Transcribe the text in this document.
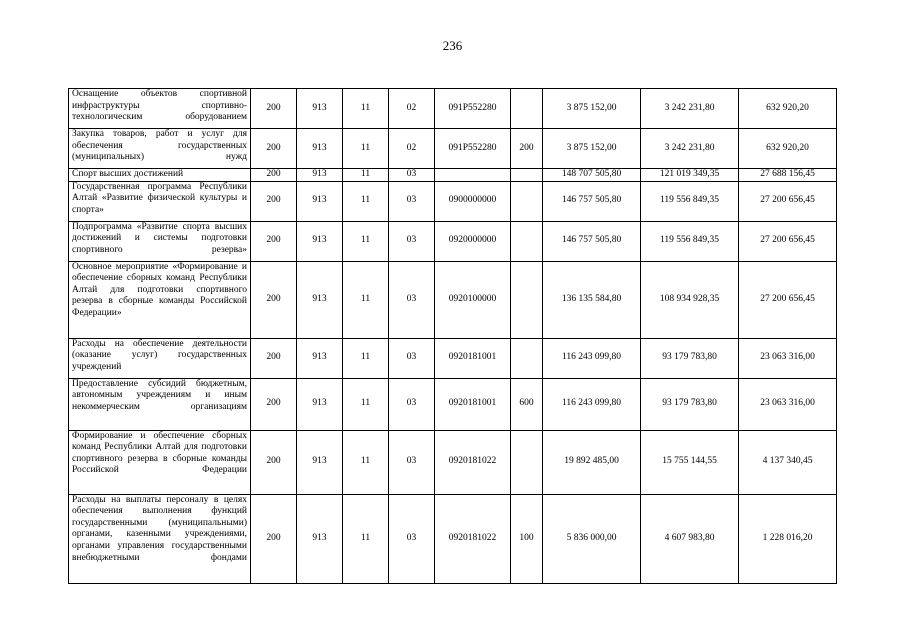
236
Оснащение объектов спортивной инфраструктуры спортивно-технологическим оборудованием	200	913	11	02	091P552280		3 875 152,00	3 242 231,80	632 920,20
Закупка товаров, работ и услуг для обеспечения государственных (муниципальных) нужд	200	913	11	02	091P552280	200	3 875 152,00	3 242 231,80	632 920,20
Спорт высших достижений	200	913	11	03			148 707 505,80	121 019 349,35	27 688 156,45
Государственная программа Республики Алтай «Развитие физической культуры и спорта»	200	913	11	03	0900000000		146 757 505,80	119 556 849,35	27 200 656,45
Подпрограмма «Развитие спорта высших достижений и системы подготовки спортивного резерва»	200	913	11	03	0920000000		146 757 505,80	119 556 849,35	27 200 656,45
Основное мероприятие «Формирование и обеспечение сборных команд Республики Алтай для подготовки спортивного резерва в сборные команды Российской Федерации»	200	913	11	03	0920100000		136 135 584,80	108 934 928,35	27 200 656,45
Расходы на обеспечение деятельности (оказание услуг) государственных учреждений	200	913	11	03	0920181001		116 243 099,80	93 179 783,80	23 063 316,00
Предоставление субсидий бюджетным, автономным учреждениям и иным некоммерческим организациям	200	913	11	03	0920181001	600	116 243 099,80	93 179 783,80	23 063 316,00
Формирование и обеспечение сборных команд Республики Алтай для подготовки спортивного резерва в сборные команды Российской Федерации	200	913	11	03	0920181022		19 892 485,00	15 755 144,55	4 137 340,45
Расходы на выплаты персоналу в целях обеспечения выполнения функций государственными (муниципальными) органами, казенными учреждениями, органами управления государственными внебюджетными фондами	200	913	11	03	0920181022	100	5 836 000,00	4 607 983,80	1 228 016,20
